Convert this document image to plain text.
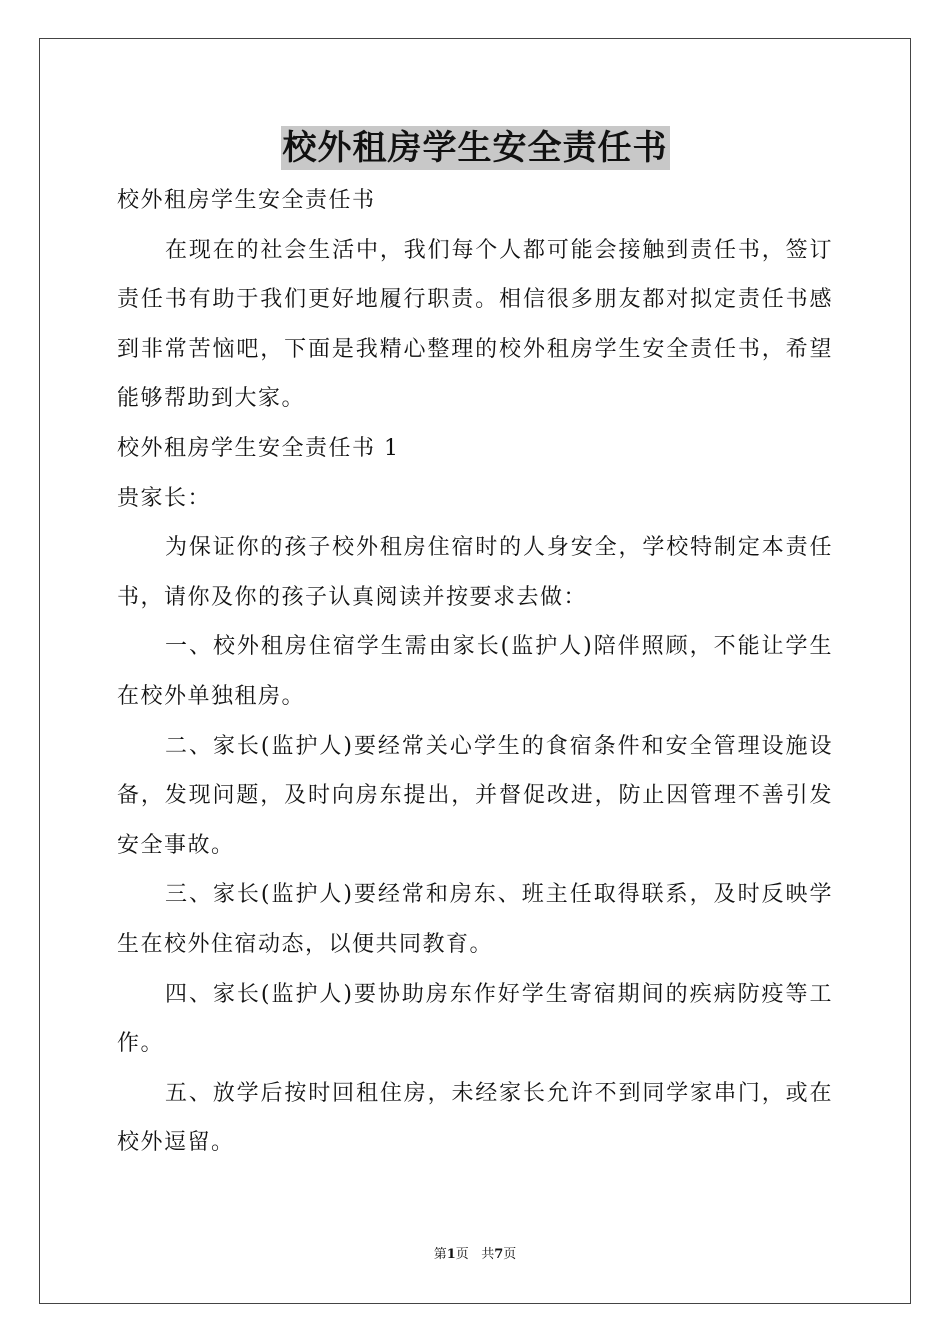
校外租房学生安全责任书

校外租房学生安全责任书

在现在的社会生活中，我们每个人都可能会接触到责任书，签订责任书有助于我们更好地履行职责。相信很多朋友都对拟定责任书感到非常苦恼吧，下面是我精心整理的校外租房学生安全责任书，希望能够帮助到大家。

校外租房学生安全责任书 1

贵家长：

为保证你的孩子校外租房住宿时的人身安全，学校特制定本责任书，请你及你的孩子认真阅读并按要求去做：

一、校外租房住宿学生需由家长(监护人)陪伴照顾，不能让学生在校外单独租房。

二、家长(监护人)要经常关心学生的食宿条件和安全管理设施设备，发现问题，及时向房东提出，并督促改进，防止因管理不善引发安全事故。

三、家长(监护人)要经常和房东、班主任取得联系，及时反映学生在校外住宿动态，以便共同教育。

四、家长(监护人)要协助房东作好学生寄宿期间的疾病防疫等工作。

五、放学后按时回租住房，未经家长允许不到同学家串门，或在校外逗留。

第1页 共7页
